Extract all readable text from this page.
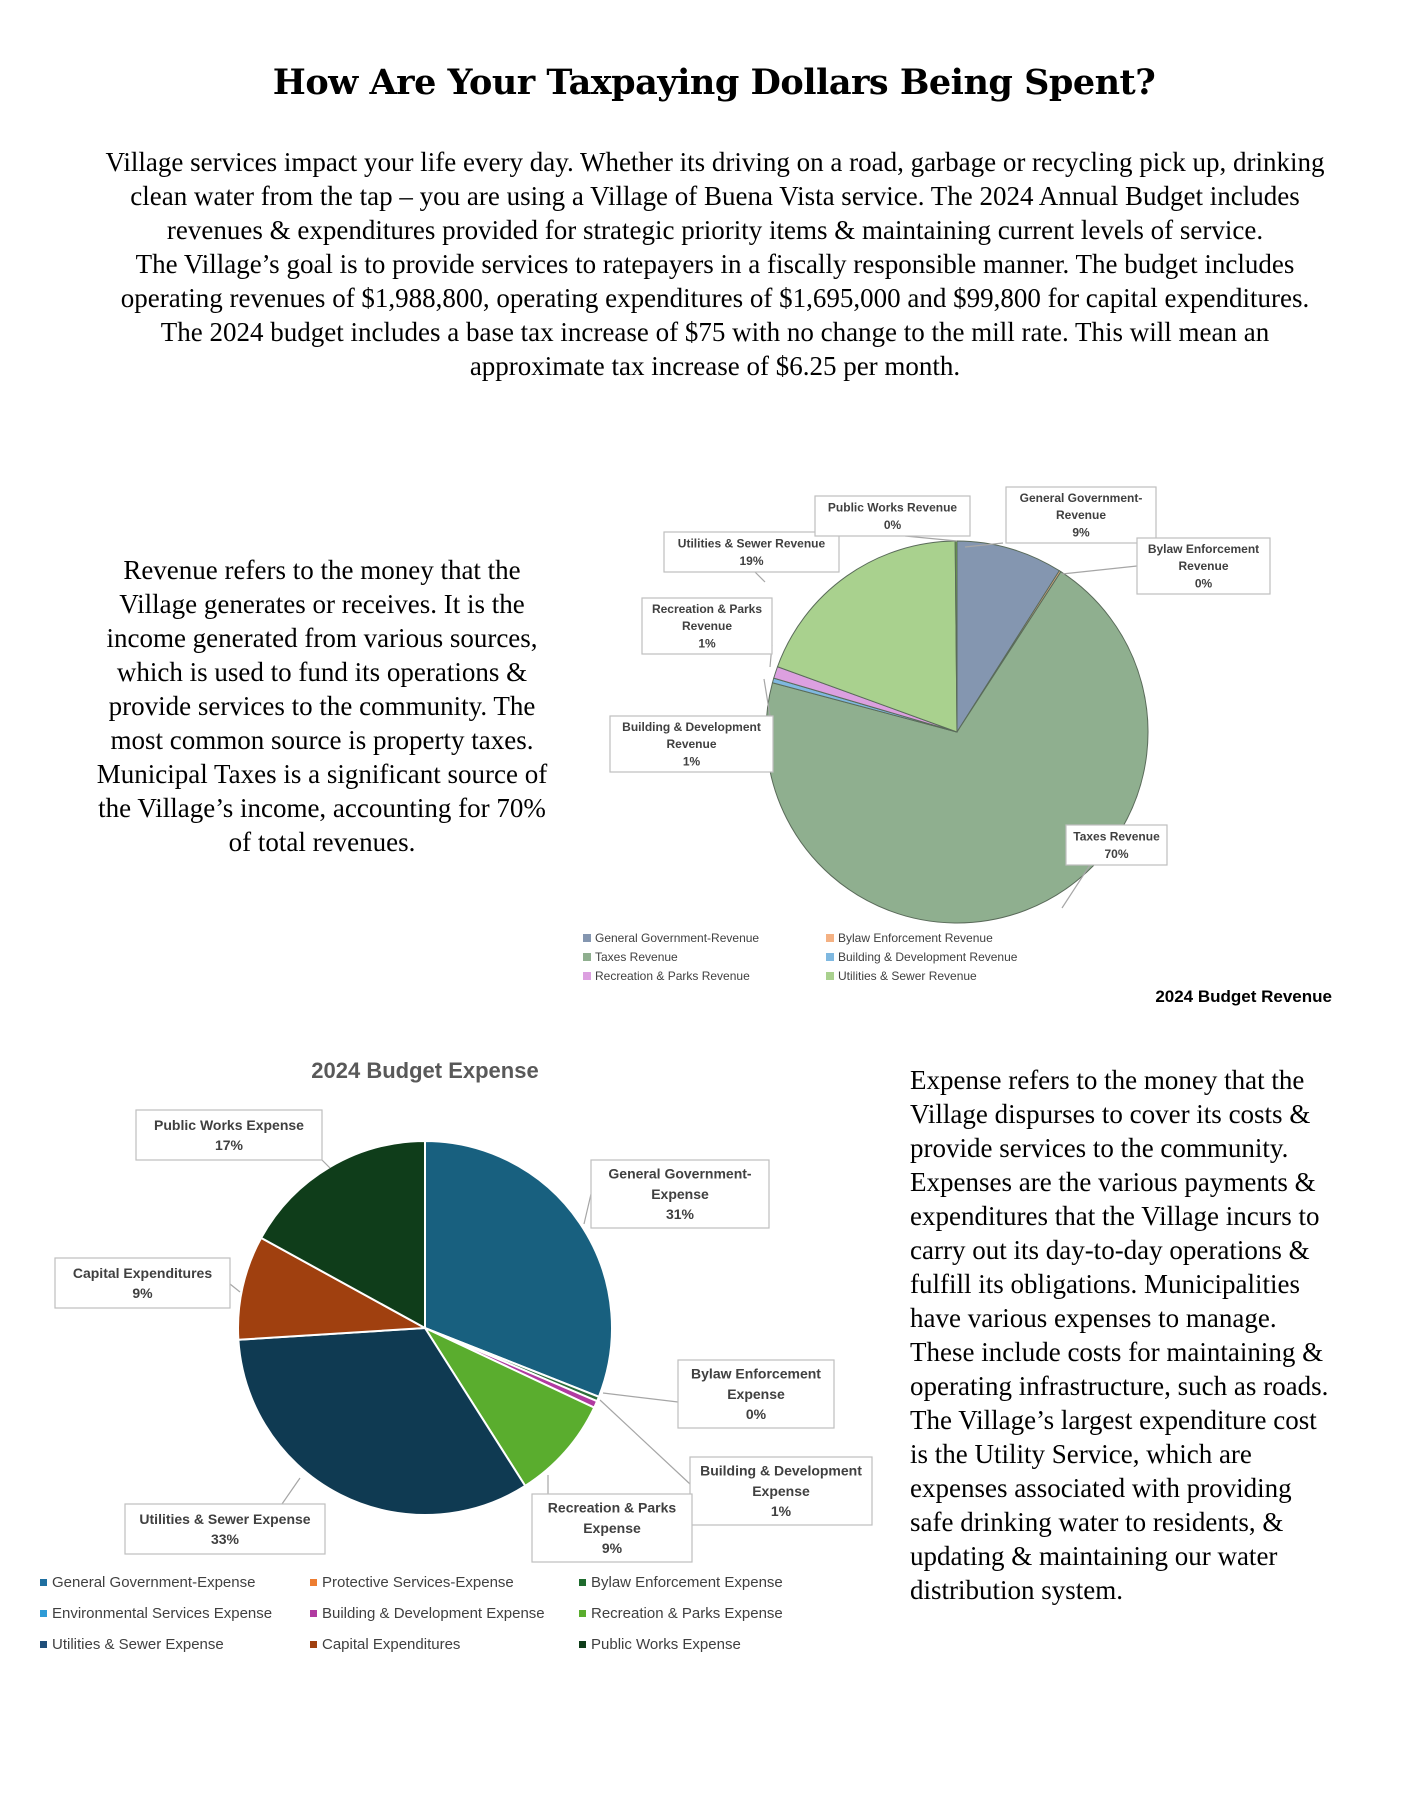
How Are Your Taxpaying Dollars Being Spent?

Village services impact your life every day. Whether its driving on a road, garbage or recycling pick up, drinking clean water from the tap – you are using a Village of Buena Vista service. The 2024 Annual Budget includes revenues & expenditures provided for strategic priority items & maintaining current levels of service.

The Village’s goal is to provide services to ratepayers in a fiscally responsible manner. The budget includes operating revenues of $1,988,800, operating expenditures of $1,695,000 and $99,800 for capital expenditures.

The 2024 budget includes a base tax increase of $75 with no change to the mill rate. This will mean an approximate tax increase of $6.25 per month.

Revenue refers to the money that the Village generates or receives. It is the income generated from various sources, which is used to fund its operations & provide services to the community. The most common source is property taxes. Municipal Taxes is a significant source of the Village’s income, accounting for 70% of total revenues.
Expense refers to the money that the Village dispurses to cover its costs & provide services to the community. Expenses are the various payments & expenditures that the Village incurs to carry out its day-to-day operations & fulfill its obligations. Municipalities have various expenses to manage. These include costs for maintaining & operating infrastructure, such as roads. The Village’s largest expenditure cost is the Utility Service, which are expenses associated with providing safe drinking water to residents, & updating & maintaining our water distribution system.
General Government-
Revenue
9%
Bylaw Enforcement
Revenue
0%
Taxes Revenue
70%
Building & Development
Revenue
1%
Recreation & Parks
Revenue
1%
Utilities & Sewer Revenue
19%
Public Works Revenue
0%
General Government-Revenue	Bylaw Enforcement Revenue
Taxes Revenue	Building & Development Revenue
Recreation & Parks Revenue	Utilities & Sewer Revenue
2024 Budget Revenue
2024 Budget Expense
General Government-
Expense
31%
Bylaw Enforcement
Expense
0%
Building & Development
Expense
1%
Recreation & Parks
Expense
9%
Utilities & Sewer Expense
33%
Capital Expenditures
9%
Public Works Expense
17%
General Government-Expense	Protective Services-Expense	Bylaw Enforcement Expense
Environmental Services Expense	Building & Development Expense	Recreation & Parks Expense
Utilities & Sewer Expense	Capital Expenditures	Public Works Expense
